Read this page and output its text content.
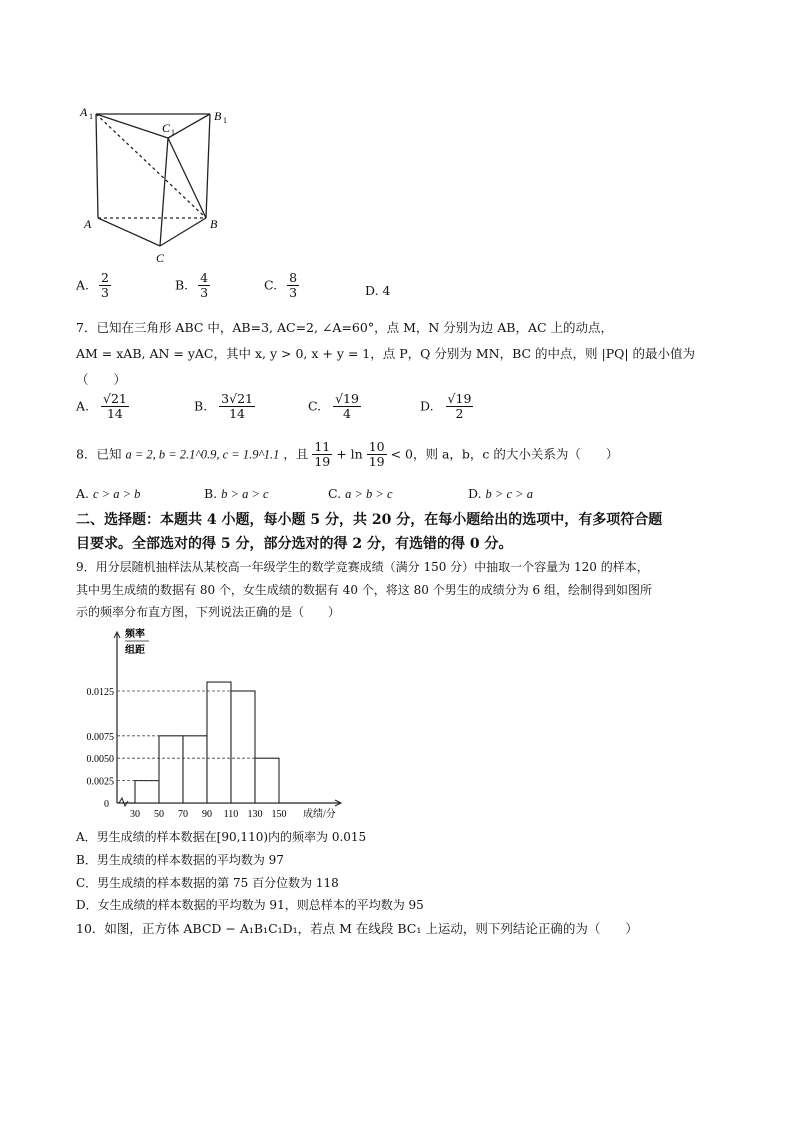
A 1	B 1
C 1
A	B
C
A. $\frac{2}{3}$	B. $\frac{4}{3}$	C. $\frac{8}{3}$	D. 4
7．已知在三角形 ABC 中，AB=3, AC=2, ∠A=60°，点 M，N 分别为边 AB，AC 上的动点，
AM = xAB, AN = yAC，其中 x, y > 0, x + y = 1，点 P，Q 分别为 MN，BC 的中点，则 |PQ| 的最小值为
（　　）
A. $\frac{√21}{14}$	B. $\frac{3√21}{14}$	C. $\frac{√19}{4}$	D. $\frac{√19}{2}$
8．已知 a = 2, b = 2.1^0.9, c = 1.9^1.1 ，且 $\frac{11}{19} + \ln \frac{10}{19} < 0$，则 a，b，c 的大小关系为（　　）
A. c > a > b	B. b > a > c	C. a > b > c	D. b > c > a
二、选择题：本题共 4 小题，每小题 5 分，共 20 分，在每小题给出的选项中，有多项符合题
目要求。全部选对的得 5 分，部分选对的得 2 分，有选错的得 0 分。
9．用分层随机抽样法从某校高一年级学生的数学竞赛成绩（满分 150 分）中抽取一个容量为 120 的样本，
其中男生成绩的数据有 80 个，女生成绩的数据有 40 个，将这 80 个男生的成绩分为 6 组，绘制得到如图所
示的频率分布直方图，下列说法正确的是（　　）
0.0025
0.0050
0.0075
0.0125
0
30 50 70 90 110 130 150 成绩/分
频率
组距
A．男生成绩的样本数据在[90,110)内的频率为 0.015
B．男生成绩的样本数据的平均数为 97
C．男生成绩的样本数据的第 75 百分位数为 118
D．女生成绩的样本数据的平均数为 91，则总样本的平均数为 95
10．如图，正方体 ABCD − A₁B₁C₁D₁，若点 M 在线段 BC₁ 上运动，则下列结论正确的为（　　）
